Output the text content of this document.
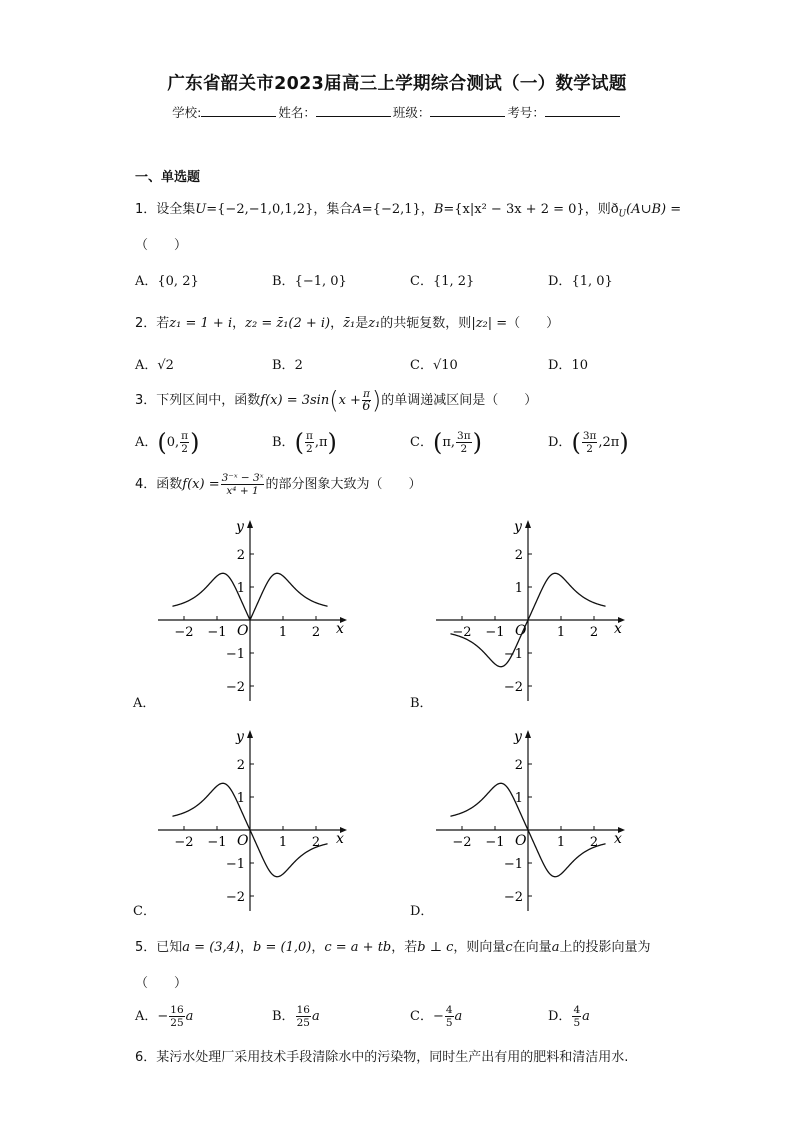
广东省韶关市2023届高三上学期综合测试（一）数学试题
学校:	姓名：	班级：	考号：
一、单选题
1．设全集U={−2,−1,0,1,2}，集合A={−2,1}，B={x|x² − 3x + 2 = 0}，则$ð_U(A\cup B)$ =
（　　）
A．{0, 2}	B．{−1, 0}	C．{1, 2}	D．{1, 0}
2．若z₁ = 1 + i，z₂ = z̄₁(2 + i)，z̄₁是z₁的共轭复数，则|z₂| =（　　）
A．√2	B．2	C．√10	D．10
3．下列区间中，函数$f(x) = 3\sin(x + \frac{\pi}{6}$ )的单调递减区间是（　　）
A．(0, $\frac{\pi}{2}$ )	B．( $\frac{\pi}{2} ,\pi$)	C．(π, $\frac{3\pi}{2}$ )	D．( $\frac{3\pi}{2} ,2\pi$)
4．函数$f(x) = \frac{\text{3⁻ˣ − 3ˣ}}{\text{x⁴ + 1}}$ 的部分图象大致为（　　）
x
y
O
−2 −1	1 2
2
1
−1
−2
x
y
O
−2 −1	1 2
2
1
−1
−2
x
y
O
−2 −1	1 2
2
1
−1
−2
x
y
O
−2 −1	1 2
2
1
−1
−2
A．	B．
C．	D．
5．已知a = (3,4)，b = (1,0)，c = a + tb，若b ⊥ c，则向量c在向量a上的投影向量为
（　　）
A．− $\frac{16}{25}$ a	B． $\frac{16}{25}$ a	C．− $\frac{4}{5}$ a	D． $\frac{4}{5}$ a
6．某污水处理厂采用技术手段清除水中的污染物，同时生产出有用的肥料和清洁用水.
